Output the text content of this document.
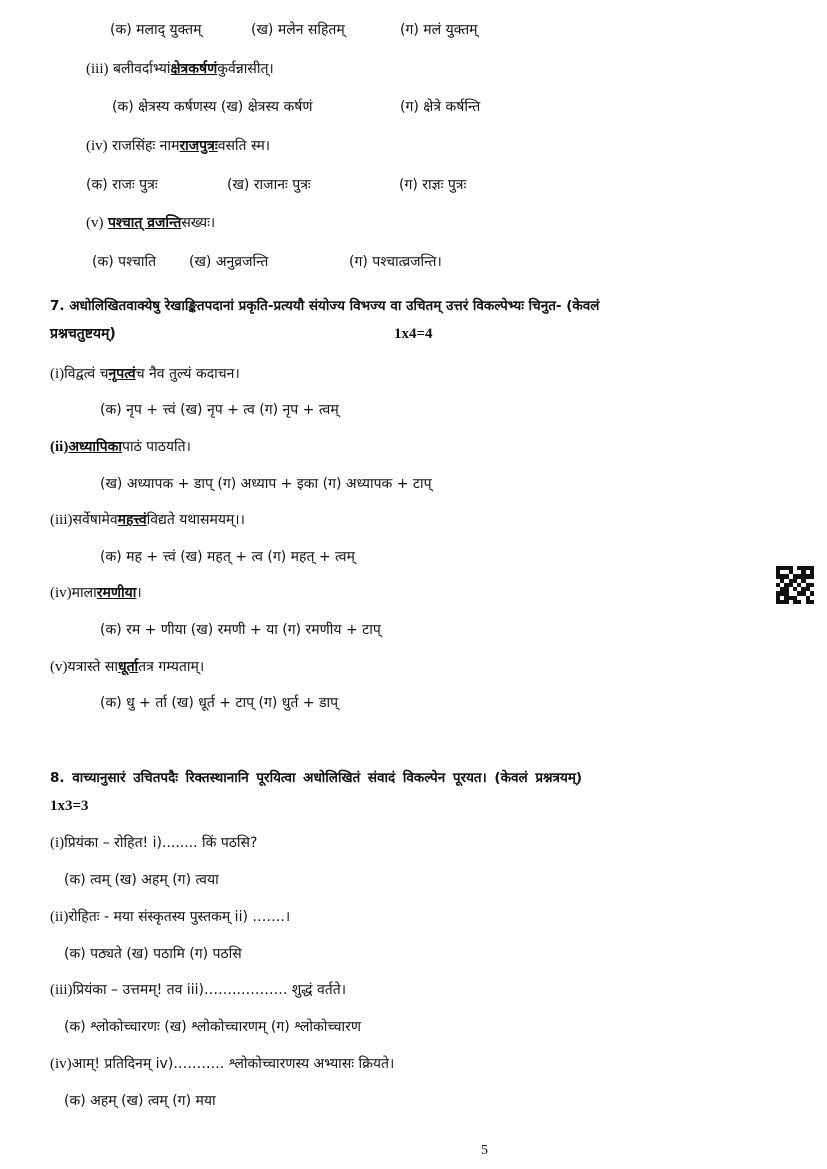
(क) मलाद् युक्तम्	(ख) मलेन सहितम्	(ग) मलं युक्तम्
(iii) बलीवर्दाभ्यांक्षेत्रकर्षणंकुर्वन्नासीत्।
(क) क्षेत्रस्य कर्षणस्य (ख) क्षेत्रस्य कर्षणं	(ग) क्षेत्रे कर्षन्ति
(iv) राजसिंहः नामराजपुत्रःवसति स्म।
(क) राजः पुत्रः	(ख) राजानः पुत्रः	(ग) राज्ञः पुत्रः
(v) पश्चात् व्रजन्तिसख्यः।
(क) पश्चाति (ख) अनुव्रजन्ति	(ग) पश्चात्व्रजन्ति।
7. अधोलिखितवाक्येषु रेखाङ्कितपदानां प्रकृति-प्रत्ययौ संयोज्य विभज्य वा उचितम् उत्तरं विकल्पेभ्यः चिनुत- (केवलं
प्रश्नचतुष्टयम्)	1x4=4
(i)विद्वत्वं चनृपत्वंच नैव तुल्यं कदाचन।
(क) नृप + त्त्वं (ख) नृप + त्व (ग) नृप + त्वम्
(ii)अध्यापिकापाठं पाठयति।
(ख) अध्यापक + डाप् (ग) अध्याप + इका (ग) अध्यापक + टाप्
(iii)सर्वेषामेवमहत्त्वंविद्यते यथासमयम्।।
(क) मह + त्त्वं (ख) महत् + त्व (ग) महत् + त्वम्
(iv)मालारमणीया।
(क) रम + णीया (ख) रमणी + या (ग) रमणीय + टाप्
(v)यत्रास्ते साधूर्तातत्र गम्यताम्।
(क) धु + र्ता (ख) धूर्त + टाप् (ग) धुर्त + डाप्
8. वाच्यानुसारं उचितपदैः रिक्तस्थानानि पूरयित्वा अधोलिखितं संवादं विकल्पेन पूरयत। (केवलं प्रश्नत्रयम्)
1x3=3
(i)प्रियंका – रोहित! i)........ किं पठसि?
(क) त्वम् (ख) अहम् (ग) त्वया
(ii)रोहितः - मया संस्कृतस्य पुस्तकम् ii) …….।
(क) पठ्यते (ख) पठामि (ग) पठसि
(iii)प्रियंका – उत्तमम्! तव iii)……..………. शुद्धं वर्तते।
(क) श्लोकोच्चारणः (ख) श्लोकोच्चारणम् (ग) श्लोकोच्चारण
(iv)आम्! प्रतिदिनम् iv)……….. श्लोकोच्चारणस्य अभ्यासः क्रियते।
(क) अहम् (ख) त्वम् (ग) मया
5
